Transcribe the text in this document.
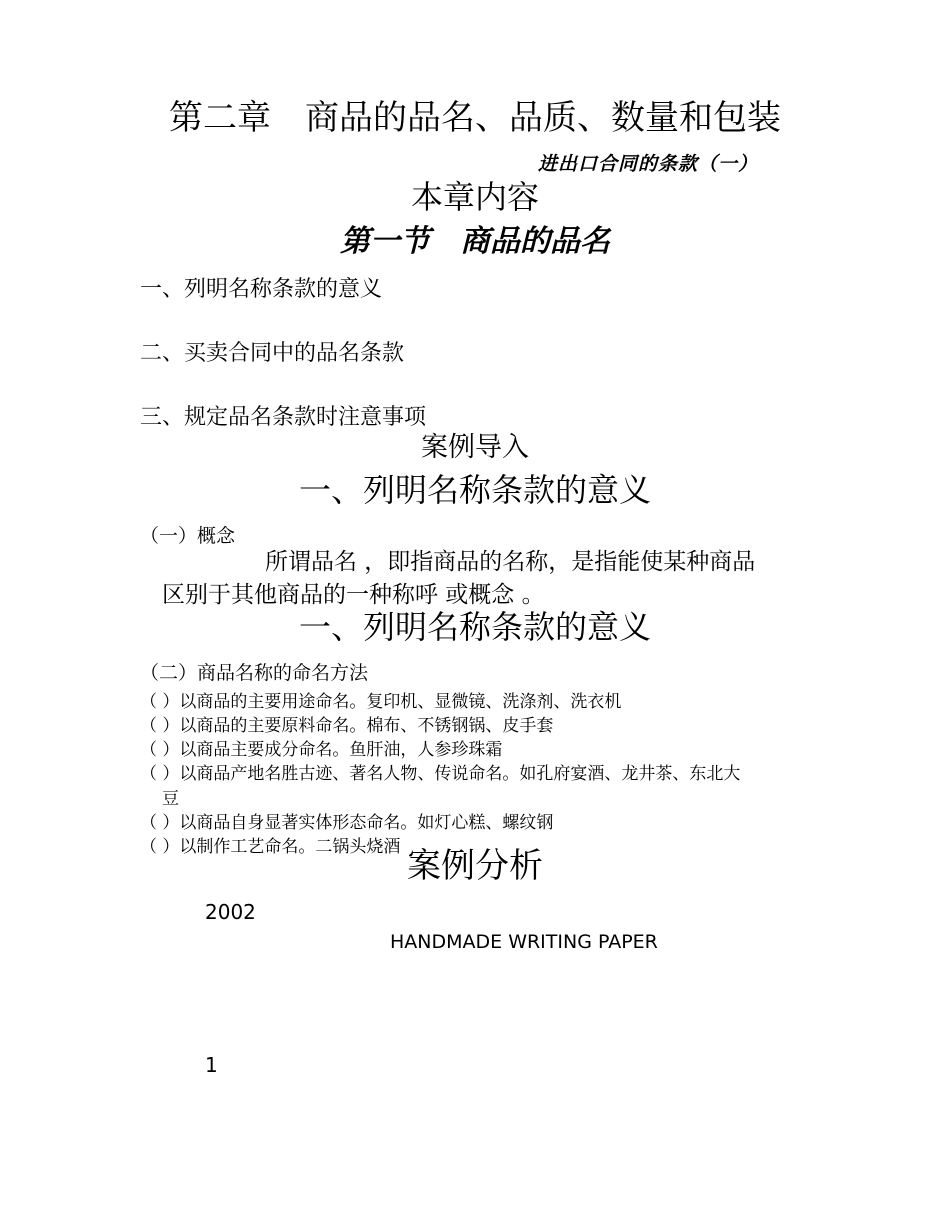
第二章　商品的品名、品质、数量和包装
进出口合同的条款（一）
本章内容
第一节　商品的品名
一、列明名称条款的意义
二、买卖合同中的品名条款
三、规定品名条款时注意事项
案例导入
一、列明名称条款的意义
（一）概念
所谓品名 ，即指商品的名称，是指能使某种商品
区别于其他商品的一种称呼 或概念 。
一、列明名称条款的意义
（二）商品名称的命名方法
（ ）以商品的主要用途命名。复印机、显微镜、洗涤剂、洗衣机
（ ）以商品的主要原料命名。棉布、不锈钢锅、皮手套
（ ）以商品主要成分命名。鱼肝油，人参珍珠霜
（ ）以商品产地名胜古迹、著名人物、传说命名。如孔府宴酒、龙井茶、东北大
豆
（ ）以商品自身显著实体形态命名。如灯心糕、螺纹钢
（ ）以制作工艺命名。二锅头烧酒 案例分析
2002
HANDMADE WRITING PAPER
1
